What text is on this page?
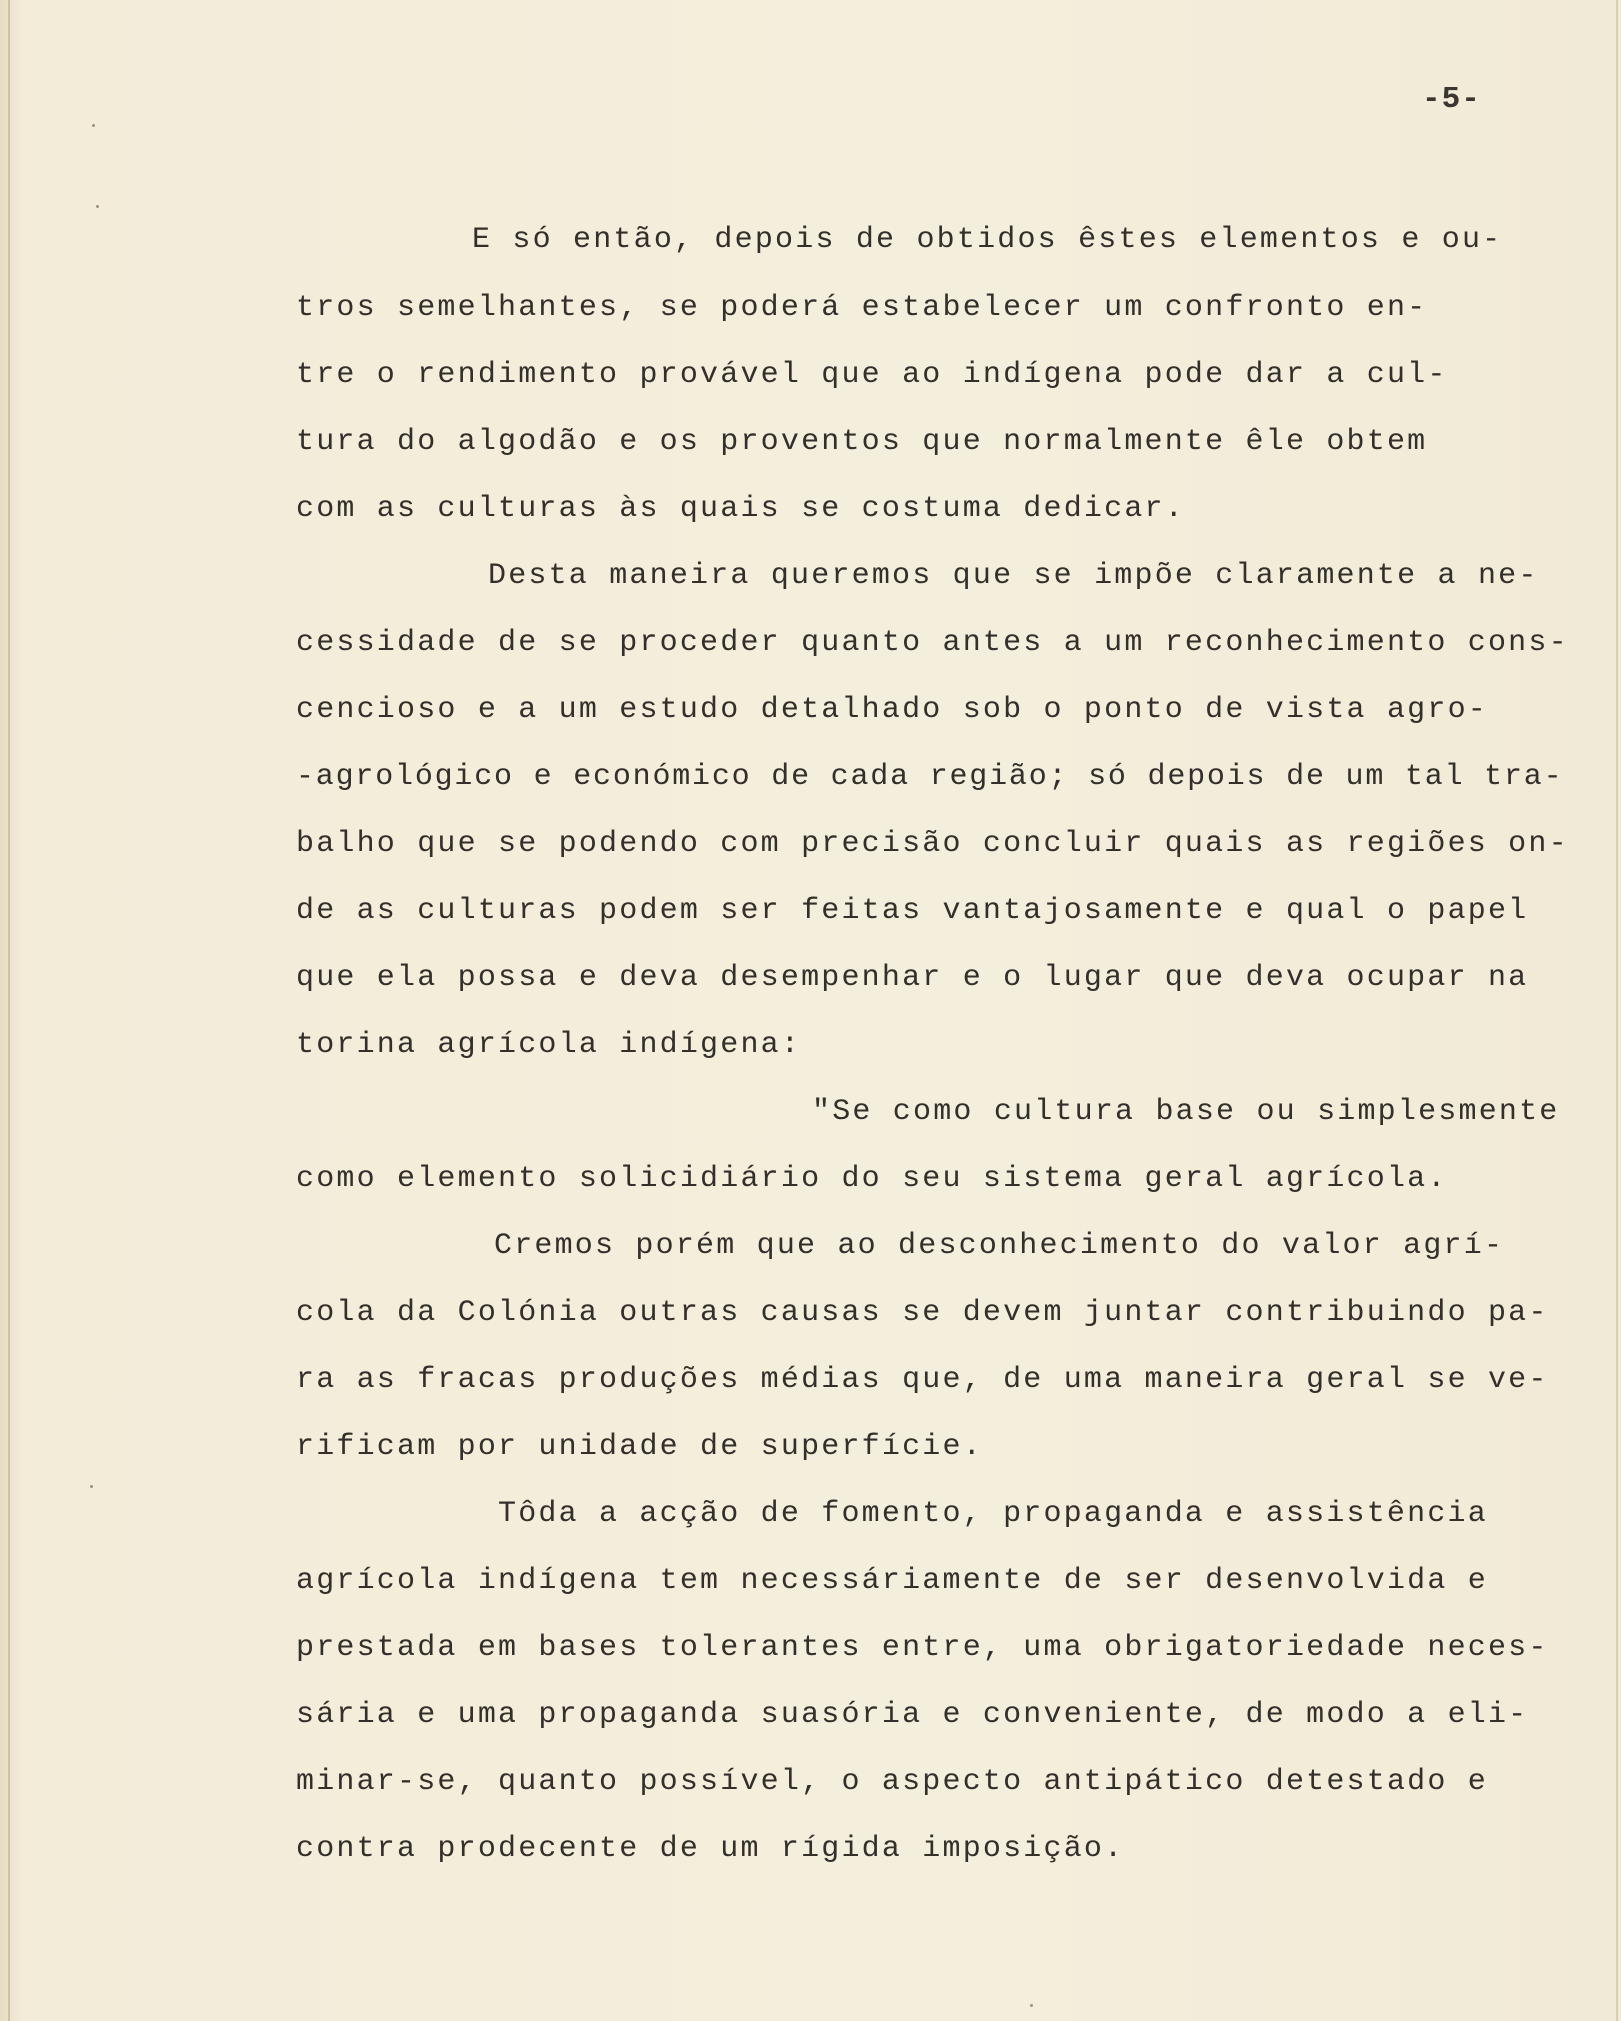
-5-
E só então, depois de obtidos êstes elementos e ou-
tros semelhantes, se poderá estabelecer um confronto en-
tre o rendimento provável que ao indígena pode dar a cul-
tura do algodão e os proventos que normalmente êle obtem
com as culturas às quais se costuma dedicar.
Desta maneira queremos que se impõe claramente a ne-
cessidade de se proceder quanto antes a um reconhecimento cons-
cencioso e a um estudo detalhado sob o ponto de vista agro-
-agrológico e económico de cada região; só depois de um tal tra-
balho que se podendo com precisão concluir quais as regiões on-
de as culturas podem ser feitas vantajosamente e qual o papel
que ela possa e deva desempenhar e o lugar que deva ocupar na
torina agrícola indígena:
"Se como cultura base ou simplesmente
como elemento solicidiário do seu sistema geral agrícola.
Cremos porém que ao desconhecimento do valor agrí-
cola da Colónia outras causas se devem juntar contribuindo pa-
ra as fracas produções médias que, de uma maneira geral se ve-
rificam por unidade de superfície.
Tôda a acção de fomento, propaganda e assistência
agrícola indígena tem necessáriamente de ser desenvolvida e
prestada em bases tolerantes entre, uma obrigatoriedade neces-
sária e uma propaganda suasória e conveniente, de modo a eli-
minar-se, quanto possível, o aspecto antipático detestado e
contra prodecente de um rígida imposição.
